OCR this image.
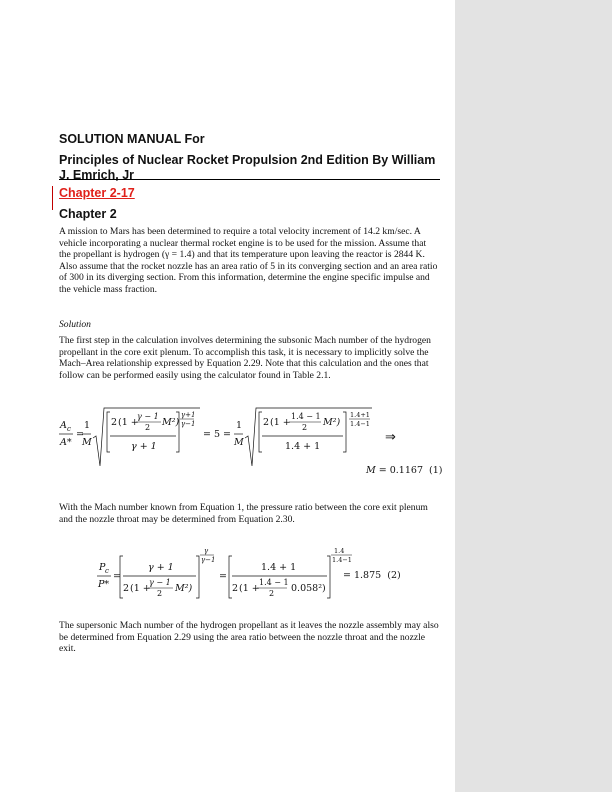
SOLUTION MANUAL For
Principles of Nuclear Rocket Propulsion 2nd Edition By William J. Emrich, Jr
Chapter 2-17
Chapter 2

A mission to Mars has been determined to require a total velocity increment of 14.2 km/sec. A vehicle incorporating a nuclear thermal rocket engine is to be used for the mission. Assume that the propellant is hydrogen (γ = 1.4) and that its temperature upon leaving the reactor is 2844 K. Also assume that the rocket nozzle has an area ratio of 5 in its converging section and an area ratio of 300 in its diverging section. From this information, determine the engine specific impulse and the vehicle mass fraction.

Solution

The first step in the calculation involves determining the subsonic Mach number of the hydrogen propellant in the core exit plenum. To accomplish this task, it is necessary to implicitly solve the Mach–Area relationship expressed by Equation 2.29. Note that this calculation and the ones that follow can be performed easily using the calculator found in Table 2.1.

A c
A*
=
1
M
2 (1 +
γ − 1
2 M²)
γ + 1
γ+1
γ−1
= 5 =
1
M
2 (1 +
1.4 − 1
2 M²)
1.4 + 1
1.4+1
1.4−1
⇒
M = 0.1167 (1)

With the Mach number known from Equation 1, the pressure ratio between the core exit plenum and the nozzle throat may be determined from Equation 2.30.

P c
P*
=
γ + 1
2 (1 +
γ − 1
2 M²)
γ
γ−1
=
1.4 + 1
2 (1 +
1.4 − 1
2 0.058²)
1.4
1.4−1
= 1.875 (2)

The supersonic Mach number of the hydrogen propellant as it leaves the nozzle assembly may also be determined from Equation 2.29 using the area ratio between the nozzle throat and the nozzle exit.
